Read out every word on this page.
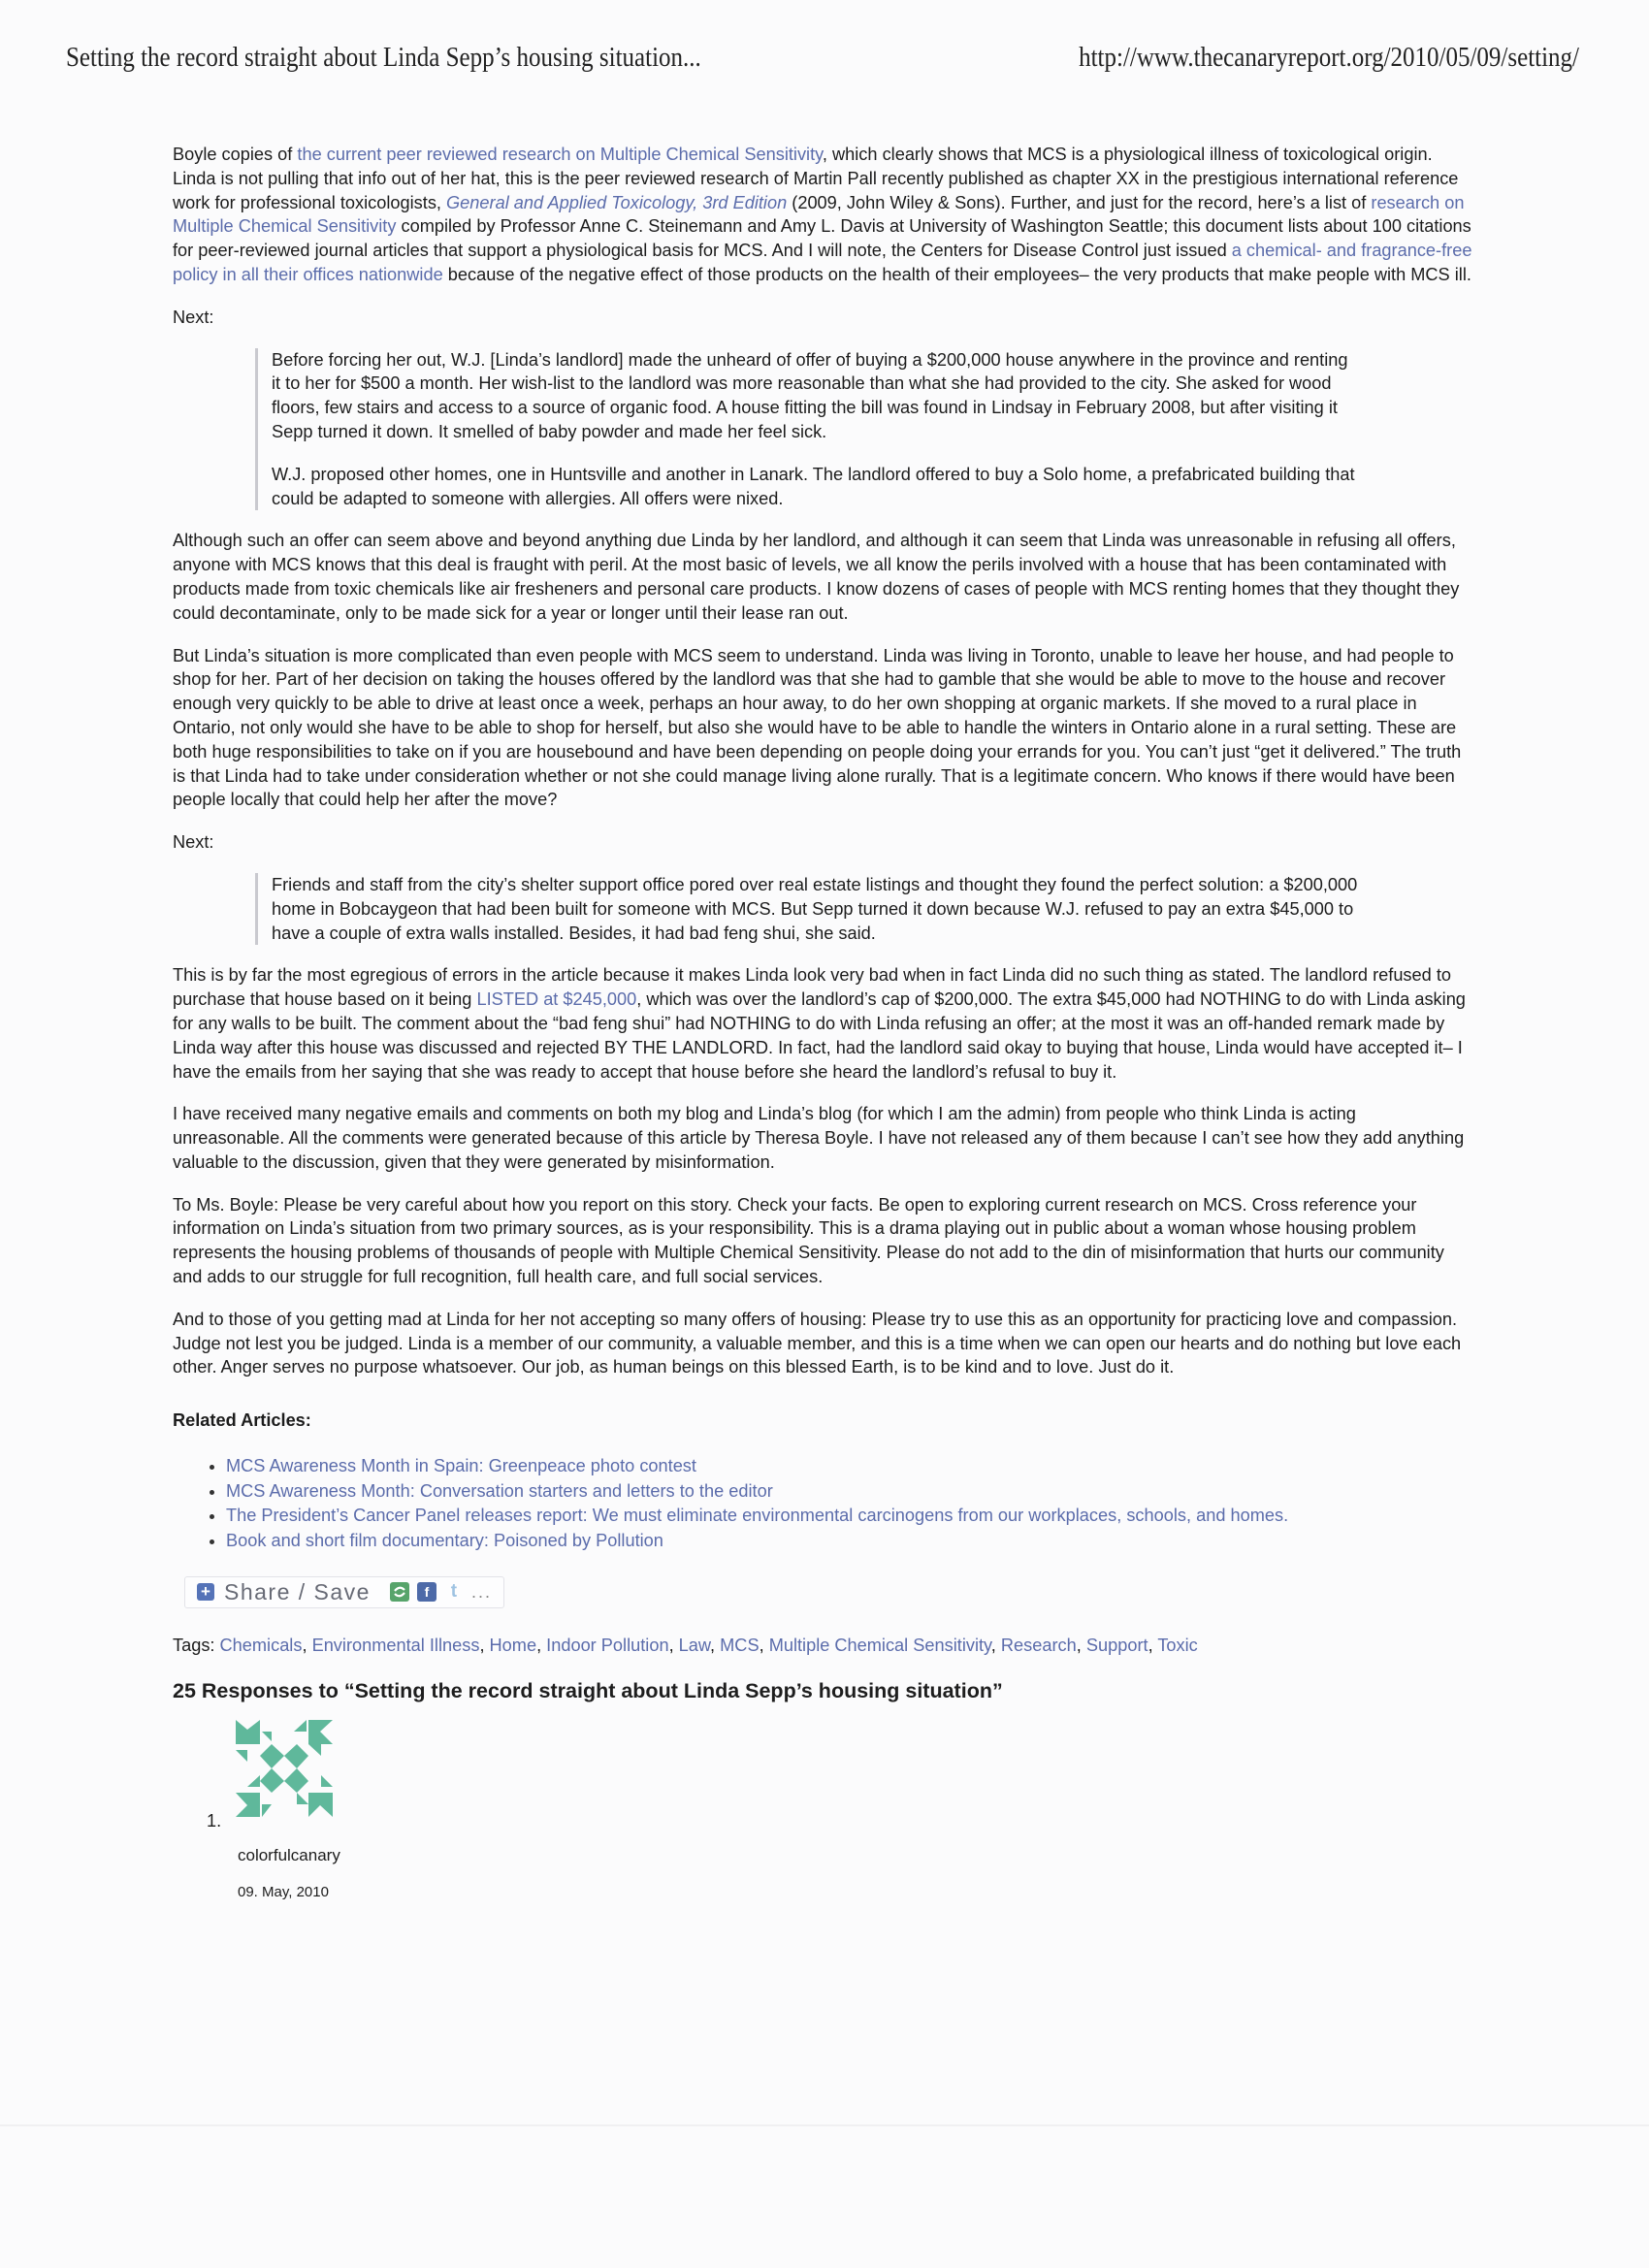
Setting the record straight about Linda Sepp’s housing situation...	http://www.thecanaryreport.org/2010/05/09/setting/

Boyle copies of the current peer reviewed research on Multiple Chemical Sensitivity, which clearly shows that MCS is a physiological illness of toxicological origin. Linda is not pulling that info out of her hat, this is the peer reviewed research of Martin Pall recently published as chapter XX in the prestigious international reference work for professional toxicologists, General and Applied Toxicology, 3rd Edition (2009, John Wiley & Sons). Further, and just for the record, here’s a list of research on Multiple Chemical Sensitivity compiled by Professor Anne C. Steinemann and Amy L. Davis at University of Washington Seattle; this document lists about 100 citations for peer-reviewed journal articles that support a physiological basis for MCS. And I will note, the Centers for Disease Control just issued a chemical- and fragrance-free policy in all their offices nationwide because of the negative effect of those products on the health of their employees– the very products that make people with MCS ill.

Next:

Before forcing her out, W.J. [Linda’s landlord] made the unheard of offer of buying a $200,000 house anywhere in the province and renting it to her for $500 a month. Her wish-list to the landlord was more reasonable than what she had provided to the city. She asked for wood floors, few stairs and access to a source of organic food. A house fitting the bill was found in Lindsay in February 2008, but after visiting it Sepp turned it down. It smelled of baby powder and made her feel sick.

W.J. proposed other homes, one in Huntsville and another in Lanark. The landlord offered to buy a Solo home, a prefabricated building that could be adapted to someone with allergies. All offers were nixed.

Although such an offer can seem above and beyond anything due Linda by her landlord, and although it can seem that Linda was unreasonable in refusing all offers, anyone with MCS knows that this deal is fraught with peril. At the most basic of levels, we all know the perils involved with a house that has been contaminated with products made from toxic chemicals like air fresheners and personal care products. I know dozens of cases of people with MCS renting homes that they thought they could decontaminate, only to be made sick for a year or longer until their lease ran out.

But Linda’s situation is more complicated than even people with MCS seem to understand. Linda was living in Toronto, unable to leave her house, and had people to shop for her. Part of her decision on taking the houses offered by the landlord was that she had to gamble that she would be able to move to the house and recover enough very quickly to be able to drive at least once a week, perhaps an hour away, to do her own shopping at organic markets. If she moved to a rural place in Ontario, not only would she have to be able to shop for herself, but also she would have to be able to handle the winters in Ontario alone in a rural setting. These are both huge responsibilities to take on if you are housebound and have been depending on people doing your errands for you. You can’t just “get it delivered.” The truth is that Linda had to take under consideration whether or not she could manage living alone rurally. That is a legitimate concern. Who knows if there would have been people locally that could help her after the move?

Next:

Friends and staff from the city’s shelter support office pored over real estate listings and thought they found the perfect solution: a $200,000 home in Bobcaygeon that had been built for someone with MCS. But Sepp turned it down because W.J. refused to pay an extra $45,000 to have a couple of extra walls installed. Besides, it had bad feng shui, she said.

This is by far the most egregious of errors in the article because it makes Linda look very bad when in fact Linda did no such thing as stated. The landlord refused to purchase that house based on it being LISTED at $245,000, which was over the landlord’s cap of $200,000. The extra $45,000 had NOTHING to do with Linda asking for any walls to be built. The comment about the “bad feng shui” had NOTHING to do with Linda refusing an offer; at the most it was an off-handed remark made by Linda way after this house was discussed and rejected BY THE LANDLORD. In fact, had the landlord said okay to buying that house, Linda would have accepted it– I have the emails from her saying that she was ready to accept that house before she heard the landlord’s refusal to buy it.

I have received many negative emails and comments on both my blog and Linda’s blog (for which I am the admin) from people who think Linda is acting unreasonable. All the comments were generated because of this article by Theresa Boyle. I have not released any of them because I can’t see how they add anything valuable to the discussion, given that they were generated by misinformation.

To Ms. Boyle: Please be very careful about how you report on this story. Check your facts. Be open to exploring current research on MCS. Cross reference your information on Linda’s situation from two primary sources, as is your responsibility. This is a drama playing out in public about a woman whose housing problem represents the housing problems of thousands of people with Multiple Chemical Sensitivity. Please do not add to the din of misinformation that hurts our community and adds to our struggle for full recognition, full health care, and full social services.

And to those of you getting mad at Linda for her not accepting so many offers of housing: Please try to use this as an opportunity for practicing love and compassion. Judge not lest you be judged. Linda is a member of our community, a valuable member, and this is a time when we can open our hearts and do nothing but love each other. Anger serves no purpose whatsoever. Our job, as human beings on this blessed Earth, is to be kind and to love. Just do it.

Related Articles:
• MCS Awareness Month in Spain: Greenpeace photo contest
• MCS Awareness Month: Conversation starters and letters to the editor
• The President’s Cancer Panel releases report: We must eliminate environmental carcinogens from our workplaces, schools, and homes.
• Book and short film documentary: Poisoned by Pollution
+ Share / Save	f	t ...
Tags: Chemicals, Environmental Illness, Home, Indoor Pollution, Law, MCS, Multiple Chemical Sensitivity, Research, Support, Toxic
25 Responses to “Setting the record straight about Linda Sepp’s housing situation”
1.
colorfulcanary
09. May, 2010
